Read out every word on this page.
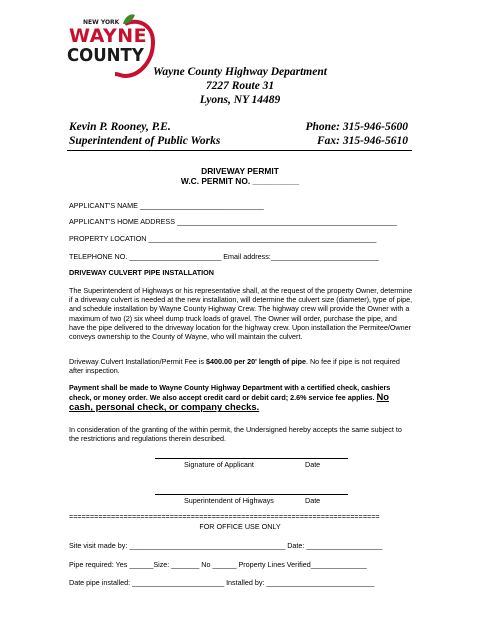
NEW YORK
WAYNE
COUNTY
Wayne County Highway Department
7227 Route 31
Lyons, NY 14489
Kevin P. Rooney, P.E.
Superintendent of Public Works
Phone: 315-946-5600
Fax: 315-946-5610
DRIVEWAY PERMIT
W.C. PERMIT NO. __________
APPLICANT'S NAME _______________________________
APPLICANT'S HOME ADDRESS _______________________________________________________
PROPERTY LOCATION _________________________________________________________
TELEPHONE NO. _______________________ Email address:___________________________
DRIVEWAY CULVERT PIPE INSTALLATION
The Superintendent of Highways or his representative shall, at the request of the property Owner, determine if a driveway culvert is needed at the new installation, will determine the culvert size (diameter), type of pipe, and schedule installation by Wayne County Highway Crew. The highway crew will provide the Owner with a maximum of two (2) six wheel dump truck loads of gravel. The Owner will order, purchase the pipe, and have the pipe delivered to the driveway location for the highway crew. Upon installation the Permitee/Owner conveys ownership to the County of Wayne, who will maintain the culvert.
Driveway Culvert Installation/Permit Fee is $400.00 per 20' length of pipe. No fee if pipe is not required after inspection.
Payment shall be made to Wayne County Highway Department with a certified check, cashiers check, or money order. We also accept credit card or debit card; 2.6% service fee applies. No cash, personal check, or company checks.
In consideration of the granting of the within permit, the Undersigned hereby accepts the same subject to the restrictions and regulations therein described.
Signature of Applicant	Date
Superintendent of Highways	Date
==========================================================================
FOR OFFICE USE ONLY
Site visit made by: _______________________________________ Date: ___________________
Pipe required: Yes ______Size: _______ No ______ Property Lines Verified______________
Date pipe installed: _______________________ Installed by: ___________________________
